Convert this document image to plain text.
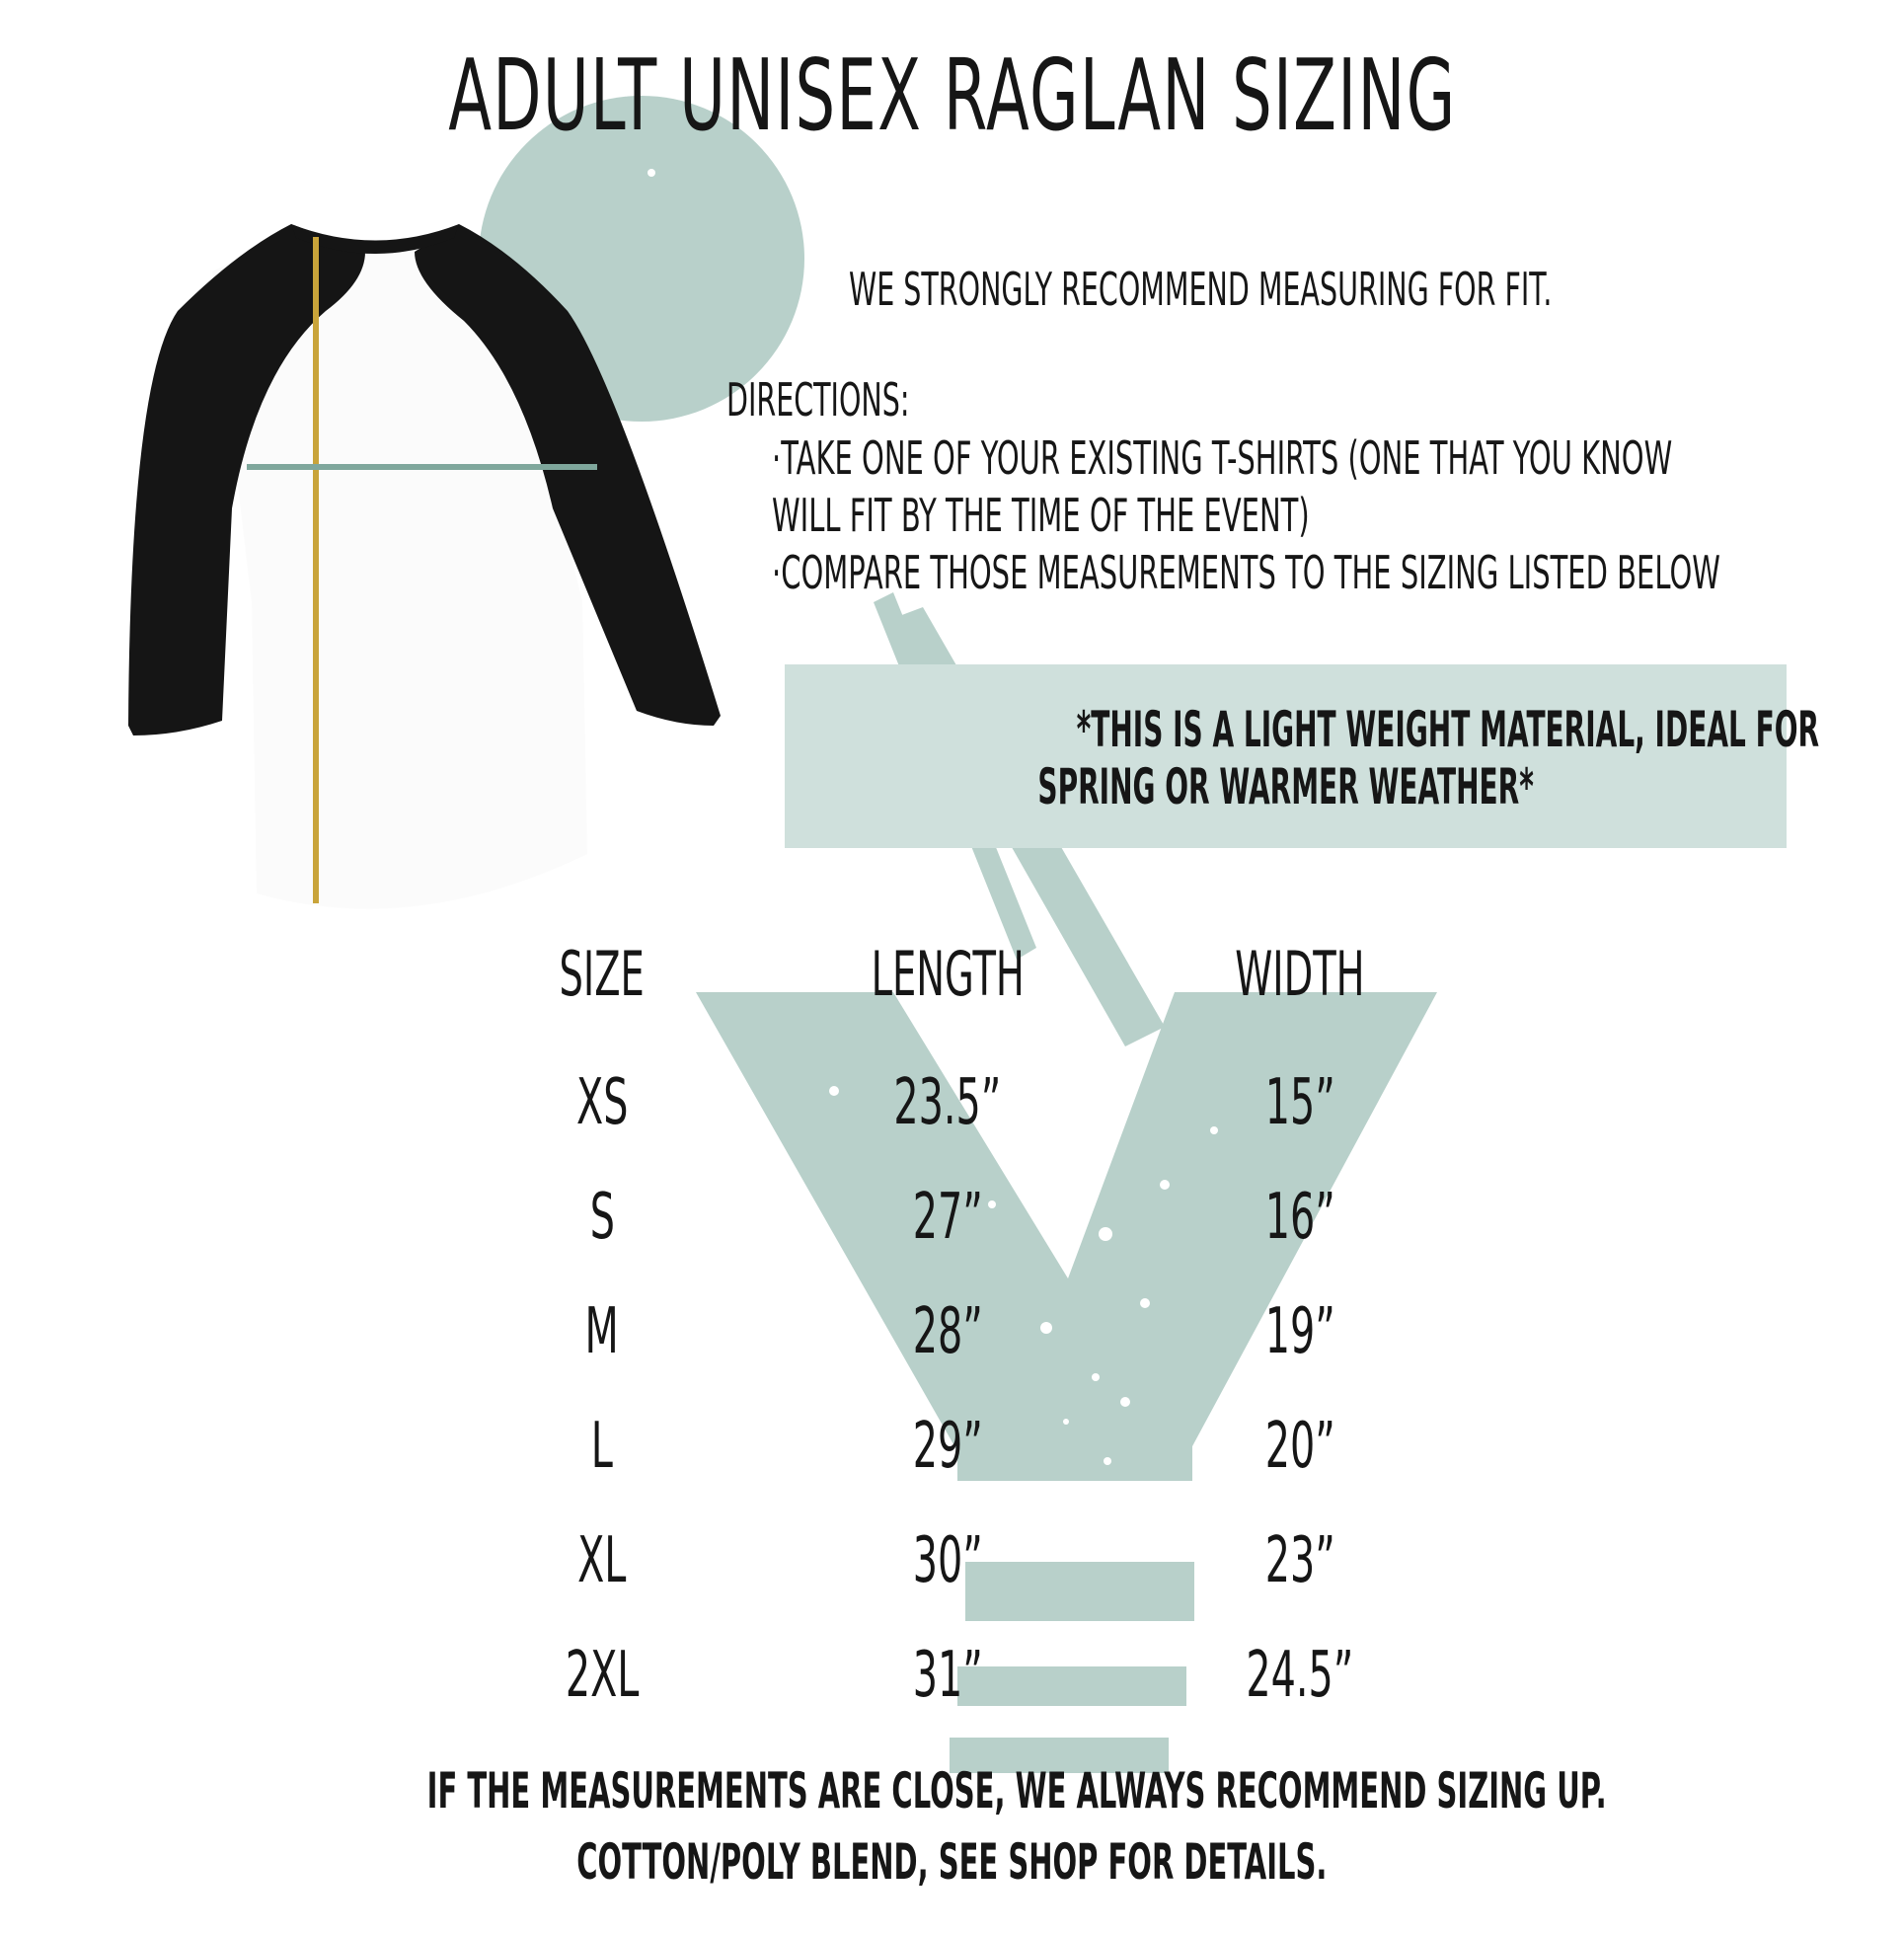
ADULT UNISEX RAGLAN SIZING
WE STRONGLY RECOMMEND MEASURING FOR FIT.
DIRECTIONS:
·TAKE ONE OF YOUR EXISTING T-SHIRTS (ONE THAT YOU KNOW
WILL FIT BY THE TIME OF THE EVENT)
·COMPARE THOSE MEASUREMENTS TO THE SIZING LISTED BELOW
*THIS IS A LIGHT WEIGHT MATERIAL, IDEAL FOR
SPRING OR WARMER WEATHER*
SIZE	LENGTH	WIDTH
XS	23.5”	15”
S	27”	16”
M	28”	19”
L	29”	20”
XL	30”	23”
2XL	31”	24.5”
IF THE MEASUREMENTS ARE CLOSE, WE ALWAYS RECOMMEND SIZING UP.
COTTON/POLY BLEND, SEE SHOP FOR DETAILS.
